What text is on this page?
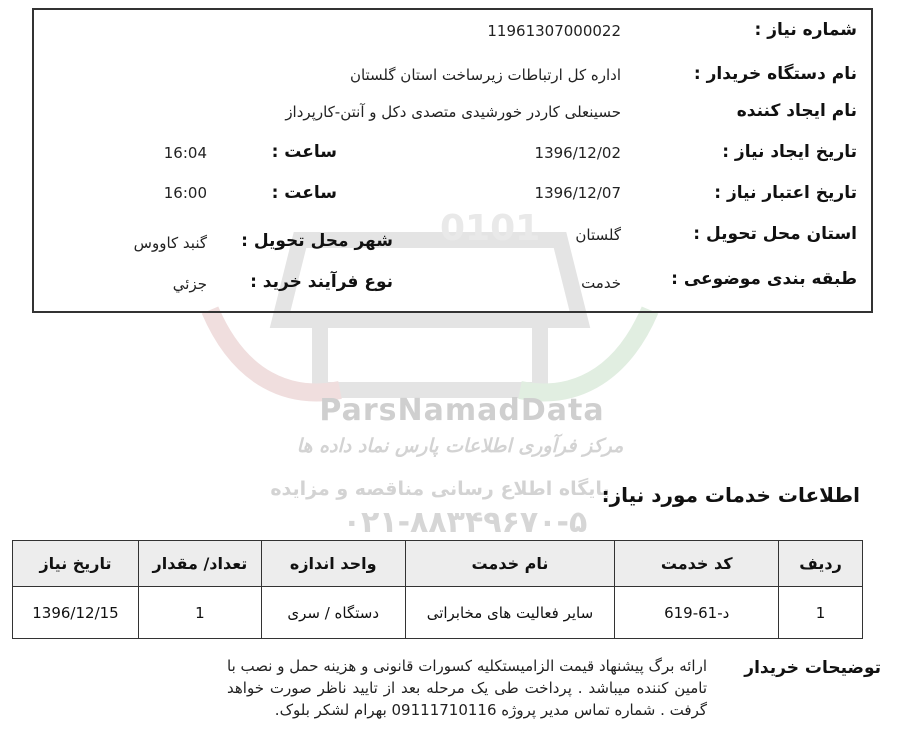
0101
ParsNamadData
مرکز فرآوری اطلاعات پارس نماد داده ها
پایگاه اطلاع رسانی مناقصه و مزایده
۰۲۱-۸۸۳۴۹۶۷۰-۵
شماره نیاز :
11961307000022
نام دستگاه خریدار :
اداره کل ارتباطات زیرساخت استان گلستان
نام ایجاد کننده
حسینعلی کاردر خورشیدی متصدی دکل و آنتن-کارپرداز
تاریخ ایجاد نیاز :
1396/12/02
ساعت :
16:04
تاریخ اعتبار نیاز :
1396/12/07
ساعت :
16:00
استان محل تحویل :
گلستان
شهر محل تحویل :
گنبد کاووس
طبقه بندی موضوعی :
خدمت
نوع فرآیند خرید :
جزئي
اطلاعات خدمات مورد نیاز:
ردیف	کد خدمت	نام خدمت	واحد اندازه	تعداد/ مقدار	تاریخ نیاز
1	د-61-619	سایر فعالیت های مخابراتی	دستگاه / سری	1	1396/12/15
توضیحات خریدار
ارائه برگ پیشنهاد قیمت الزامیستکلیه کسورات قانونی و هزینه حمل و نصب با تامین کننده میباشد . پرداخت طی یک مرحله بعد از تایید ناظر صورت خواهد گرفت . شماره تماس مدیر پروژه 09111710116 بهرام لشکر بلوک.
